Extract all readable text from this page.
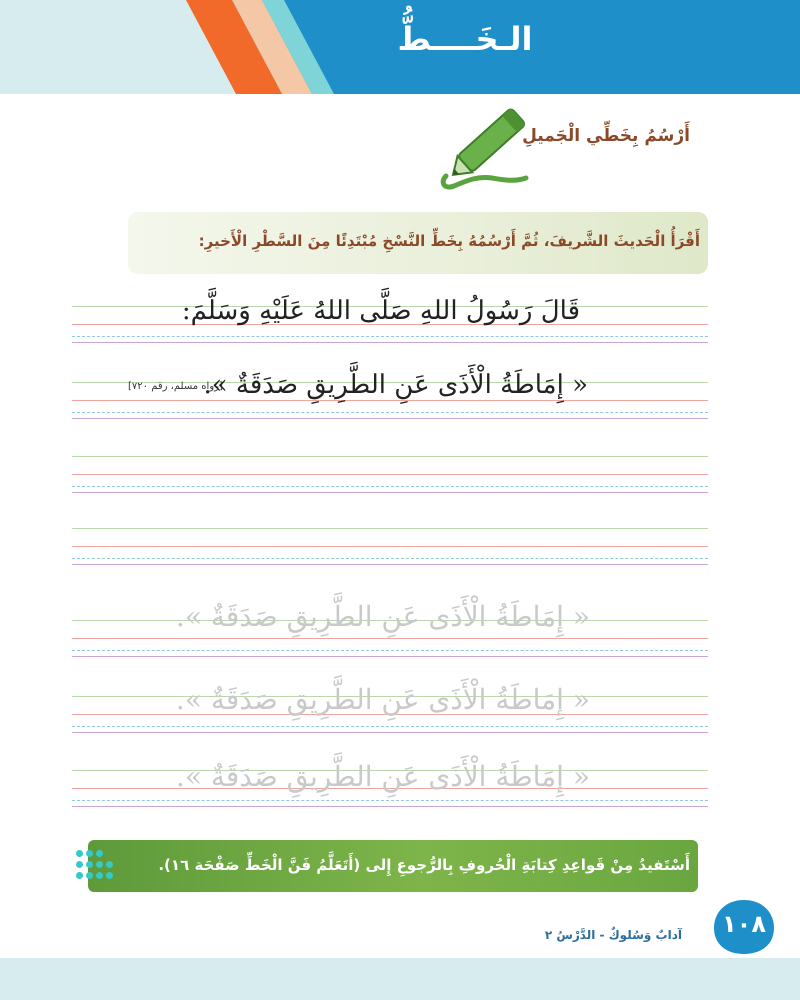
الـخَــــطُّ
أَرْسُمُ بِخَطِّي الْجَميلِ
أَقْرَأُ الْحَديثَ الشَّريفَ، ثُمَّ أَرْسُمُهُ بِخَطِّ النَّسْخِ مُبْتَدِئًا مِنَ السَّطْرِ الْأَخيرِ:
قَالَ رَسُولُ اللهِ صَلَّى اللهُ عَلَيْهِ وَسَلَّمَ:
« إِمَاطَةُ الْأَذَى عَنِ الطَّرِيقِ صَدَقَةٌ ».
[رواه مسلم، رقم ٧٢٠]
« إِمَاطَةُ الْأَذَى عَنِ الطَّرِيقِ صَدَقَةٌ ».
« إِمَاطَةُ الْأَذَى عَنِ الطَّرِيقِ صَدَقَةٌ ».
« إِمَاطَةُ الْأَذَى عَنِ الطَّرِيقِ صَدَقَةٌ ».
أَسْتَفيدُ مِنْ قَواعِدِ كِتابَةِ الْحُروفِ بِالرُّجوعِ إِلى (أَتَعَلَّمُ فَنَّ الْخَطِّ صَفْحَة ١٦).
آدابٌ وَسُلوكٌ - الدَّرْسُ ٢	١٠٨
